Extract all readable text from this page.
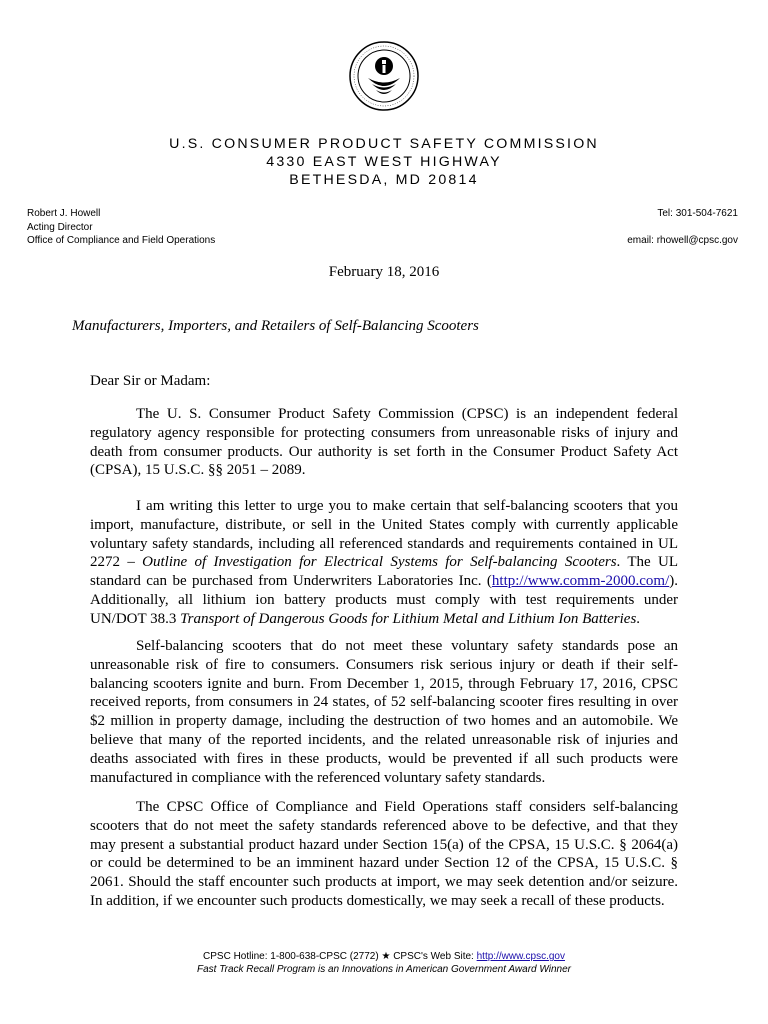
U.S. CONSUMER PRODUCT SAFETY COMMISSION
4330 EAST WEST HIGHWAY
BETHESDA, MD 20814
Robert J. Howell
Acting Director
Office of Compliance and Field Operations
Tel: 301-504-7621
email: rhowell@cpsc.gov
February 18, 2016
Manufacturers, Importers, and Retailers of Self-Balancing Scooters
Dear Sir or Madam:
The U. S. Consumer Product Safety Commission (CPSC) is an independent federal
regulatory agency responsible for protecting consumers from unreasonable risks of injury and
death from consumer products. Our authority is set forth in the Consumer Product Safety Act
(CPSA), 15 U.S.C. §§ 2051 – 2089.
I am writing this letter to urge you to make certain that self-balancing scooters that you
import, manufacture, distribute, or sell in the United States comply with currently applicable
voluntary safety standards, including all referenced standards and requirements contained in UL
2272 – Outline of Investigation for Electrical Systems for Self-balancing Scooters. The UL
standard can be purchased from Underwriters Laboratories Inc. (http://www.comm-2000.com/).
Additionally, all lithium ion battery products must comply with test requirements under
UN/DOT 38.3 Transport of Dangerous Goods for Lithium Metal and Lithium Ion Batteries.
Self-balancing scooters that do not meet these voluntary safety standards pose an
unreasonable risk of fire to consumers. Consumers risk serious injury or death if their self-
balancing scooters ignite and burn. From December 1, 2015, through February 17, 2016, CPSC
received reports, from consumers in 24 states, of 52 self-balancing scooter fires resulting in over
$2 million in property damage, including the destruction of two homes and an automobile. We
believe that many of the reported incidents, and the related unreasonable risk of injuries and
deaths associated with fires in these products, would be prevented if all such products were
manufactured in compliance with the referenced voluntary safety standards.
The CPSC Office of Compliance and Field Operations staff considers self-balancing
scooters that do not meet the safety standards referenced above to be defective, and that they
may present a substantial product hazard under Section 15(a) of the CPSA, 15 U.S.C. § 2064(a)
or could be determined to be an imminent hazard under Section 12 of the CPSA, 15 U.S.C. §
2061. Should the staff encounter such products at import, we may seek detention and/or seizure.
In addition, if we encounter such products domestically, we may seek a recall of these products.
CPSC Hotline: 1-800-638-CPSC (2772) ★ CPSC's Web Site: http://www.cpsc.gov
Fast Track Recall Program is an Innovations in American Government Award Winner
